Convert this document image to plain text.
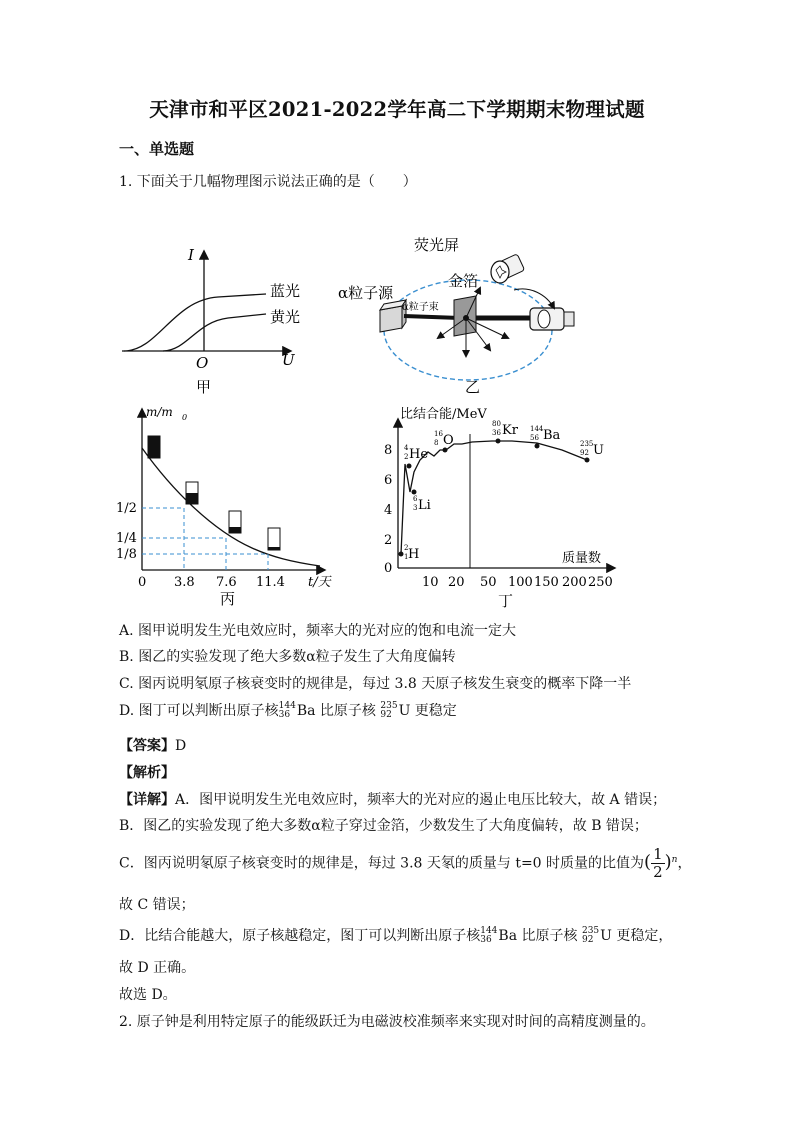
天津市和平区2021-2022学年高二下学期期末物理试题
一、单选题
1. 下面关于几幅物理图示说法正确的是（　　）
I
U
O
蓝光
黄光
甲
荧光屏
金箔
α粒子源
α粒子束
乙
m/m 0
1/2
1/4
1/8
0 3.8 7.6 11.4 t/天
丙
比结合能/MeV
0
2
4
6
8
10 20 50 100 150 200 250
质量数
2
1 H
6
3 Li
4
2 He
16
8 O
80
36 Kr 144
56 Ba
235
92 U
丁
A. 图甲说明发生光电效应时，频率大的光对应的饱和电流一定大
B. 图乙的实验发现了绝大多数α粒子发生了大角度偏转
C. 图丙说明氡原子核衰变时的规律是，每过 3.8 天原子核发生衰变的概率下降一半
D. 图丁可以判断出原子核 144
36 Ba 比原子核 235
92 U 更稳定
【答案】D
【解析】
【详解】A．图甲说明发生光电效应时，频率大的光对应的遏止电压比较大，故 A 错误；
B．图乙的实验发现了绝大多数α粒子穿过金箔，少数发生了大角度偏转，故 B 错误；
C．图丙说明氡原子核衰变时的规律是，每过 3.8 天氡的质量与 t=0 时质量的比值为( $\frac{1}{2} )^n$，
故 C 错误；
D．比结合能越大，原子核越稳定，图丁可以判断出原子核 144
36 Ba 比原子核 235
92 U 更稳定，
故 D 正确。
故选 D。
2. 原子钟是利用特定原子的能级跃迁为电磁波校准频率来实现对时间的高精度测量的。
